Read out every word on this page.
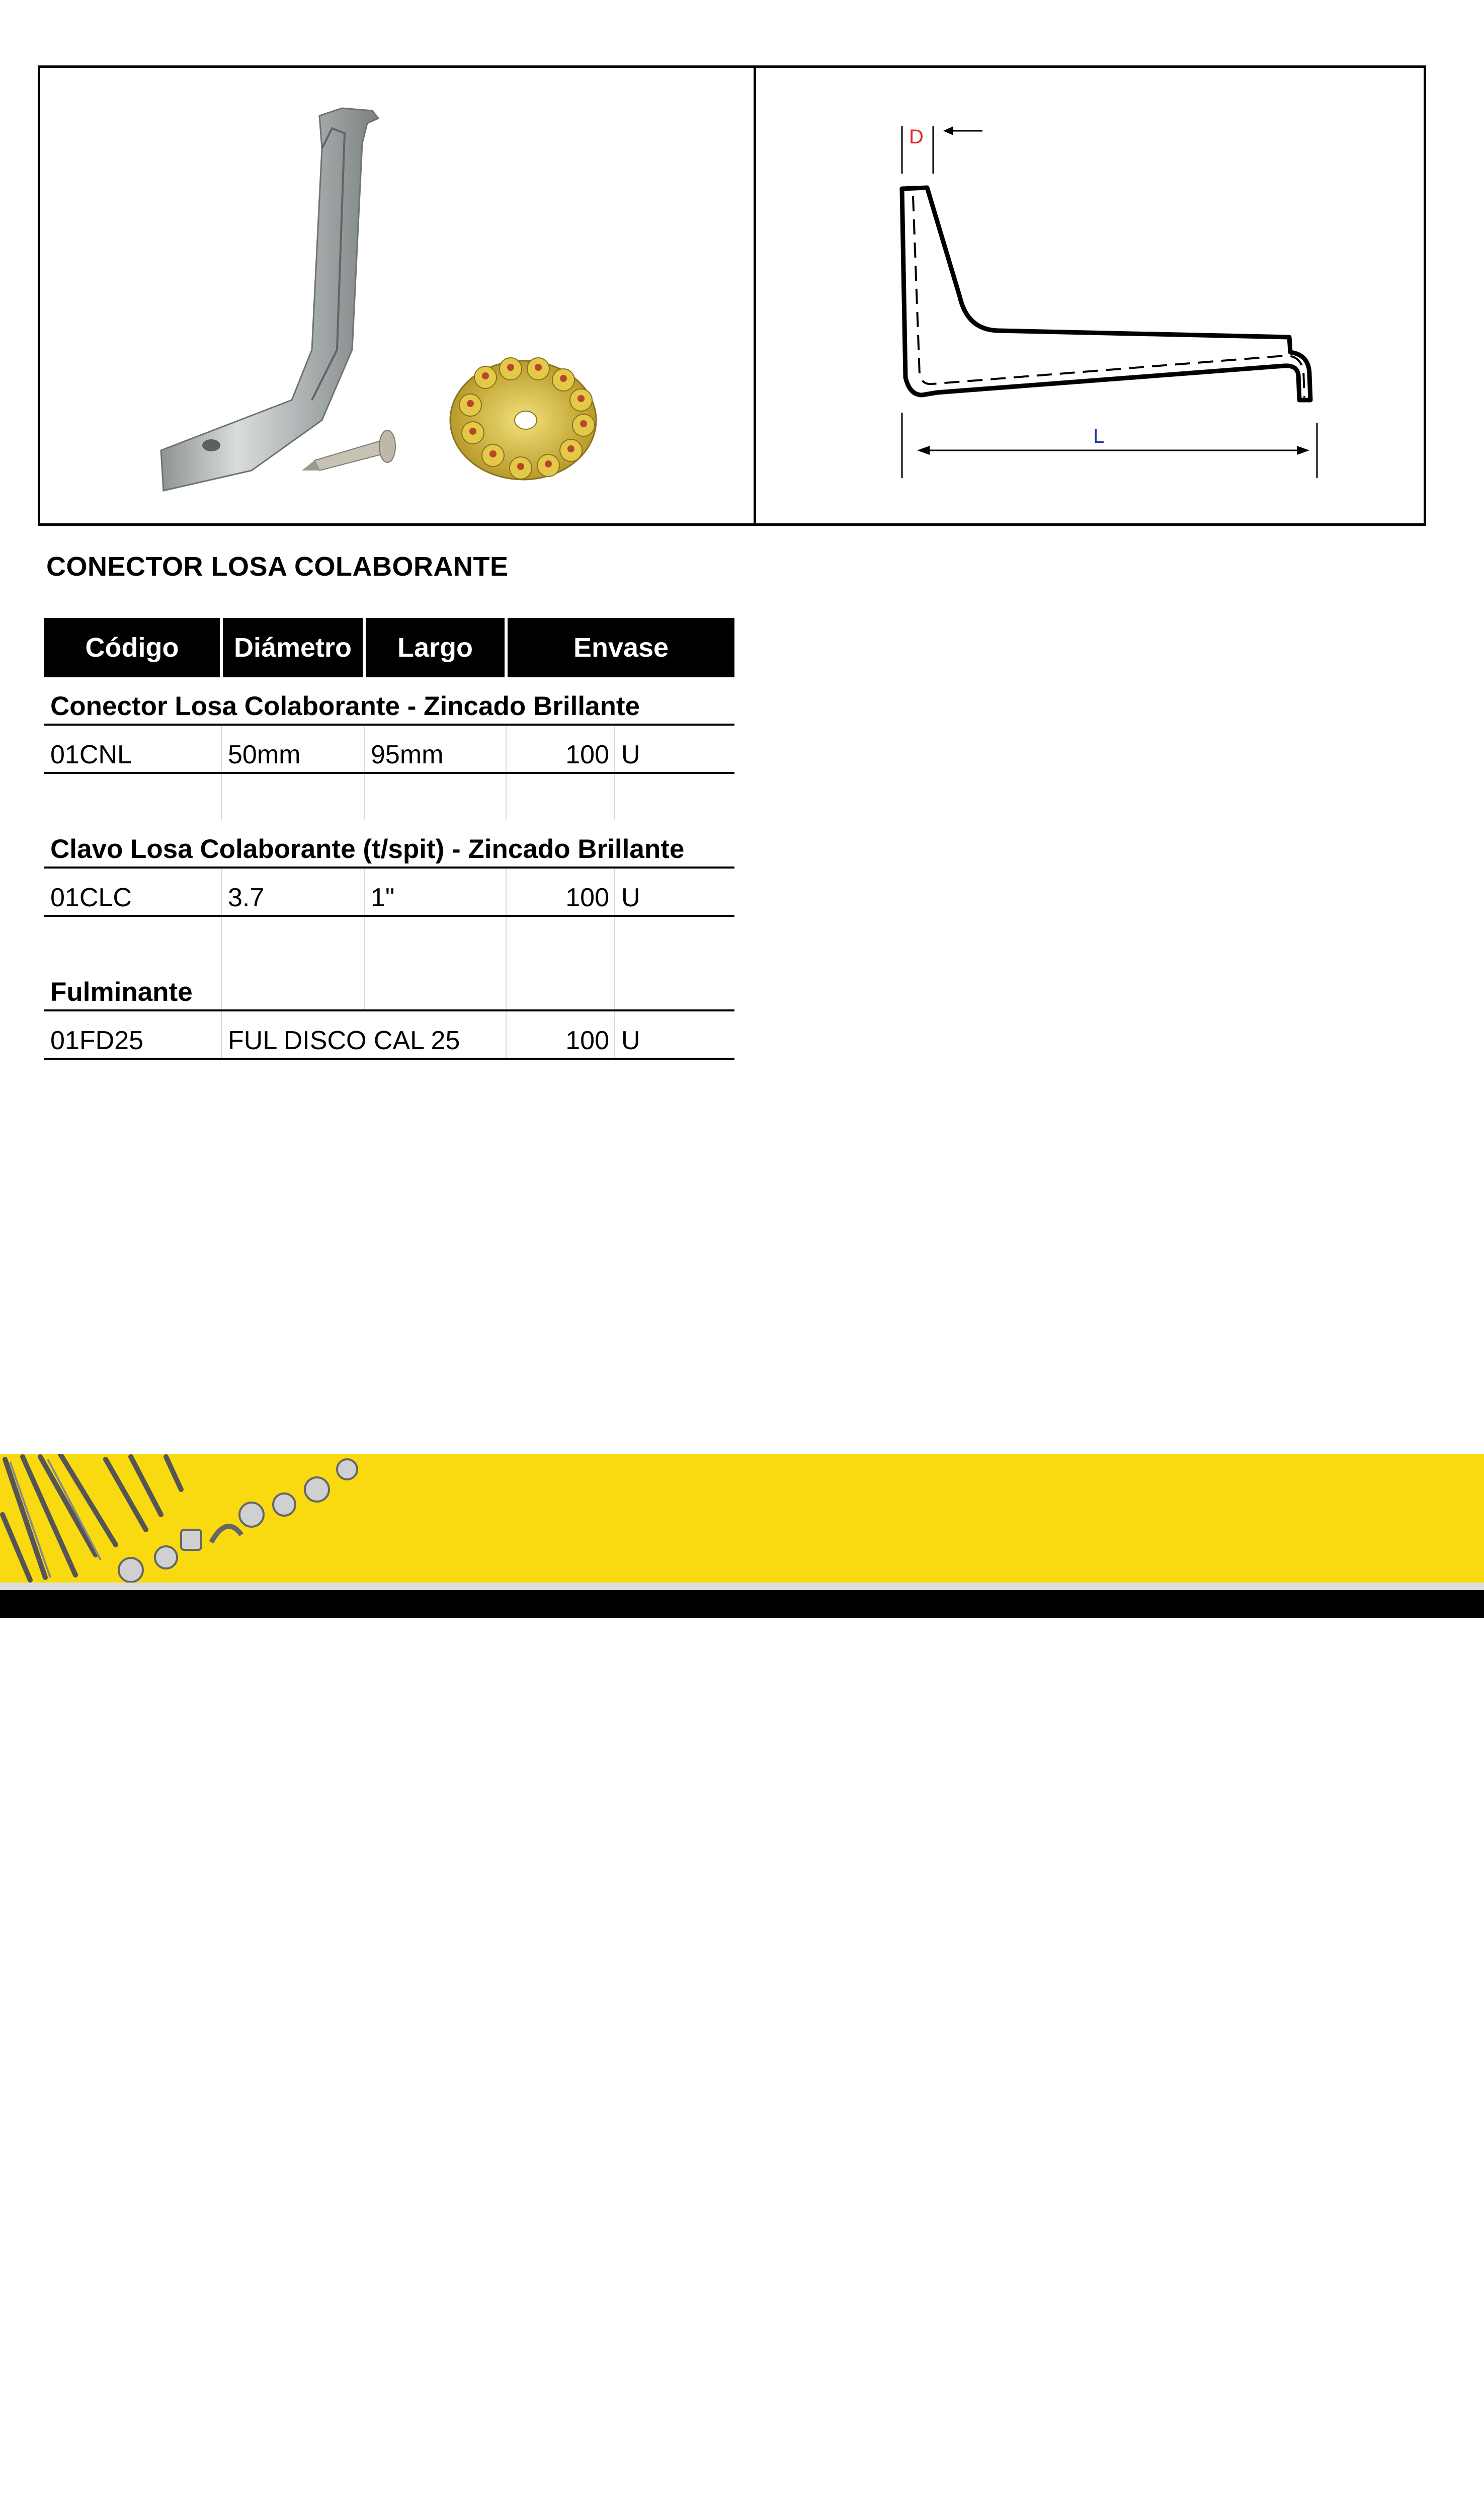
D
L
CONECTOR LOSA COLABORANTE
Código	Diámetro	Largo	Envase	
Conector Losa Colaborante - Zincado Brillante				
01CNL	50mm	95mm	100	U

Clavo Losa Colaborante (t/spit) - Zincado Brillante				
01CLC	3.7	1"	100	U

Fulminante				
01FD25	FUL DISCO CAL 25		100	U
